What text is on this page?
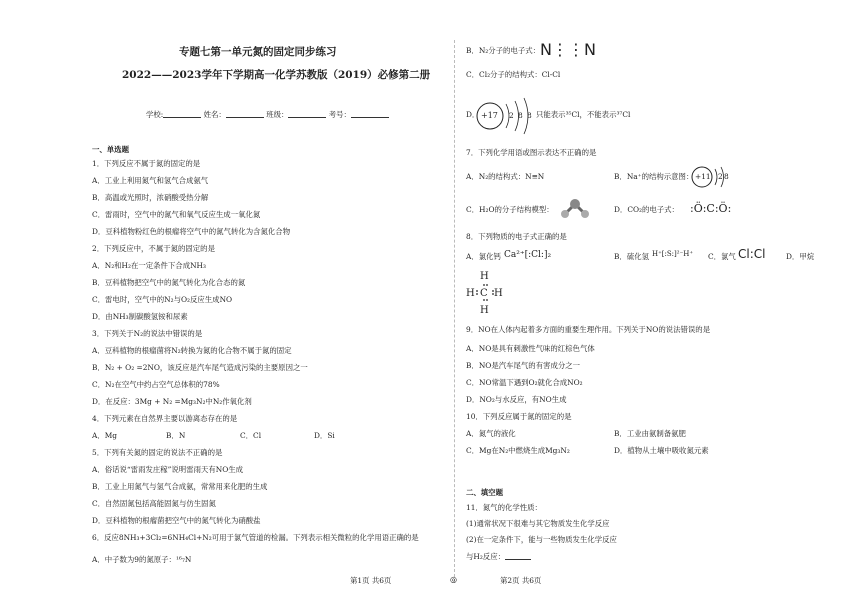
专题七第一单元氮的固定同步练习
2022——2023学年下学期高一化学苏教版（2019）必修第二册
学校:	姓名：	班级：	考号：
一、单选题
1．下列反应不属于氮的固定的是
A．工业上利用氮气和氢气合成氨气
B．高温或光照时，浓硝酸受热分解
C．雷雨时，空气中的氮气和氧气反应生成一氧化氮
D．豆科植物粉红色的根瘤将空气中的氮气转化为含氮化合物
2．下列反应中，不属于氮的固定的是
A．N₂和H₂在一定条件下合成NH₃
B．豆科植物把空气中的氮气转化为化合态的氮
C．雷电时，空气中的N₂与O₂反应生成NO
D．由NH₃制碳酸氢铵和尿素
3．下列关于N₂的说法中错误的是
A．豆科植物的根瘤菌将N₂转换为氮的化合物不属于氮的固定
B．N₂ + O₂ =2NO，该反应是汽车尾气造成污染的主要原因之一
C．N₂在空气中约占空气总体积的78%
D．在反应：3Mg + N₂ =Mg₃N₂中N₂作氧化剂
4．下列元素在自然界主要以游离态存在的是
A．Mg	B．N	C．Cl	D．Si
5．下列有关氮的固定的说法不正确的是
A．俗话说“雷雨发庄稼”说明雷雨天有NO生成
B．工业上用氮气与氢气合成氨，常常用来化肥的生成
C．自然固氮包括高能固氮与仿生固氮
D．豆科植物的根瘤菌把空气中的氮气转化为硝酸盐
6．反应8NH₃+3Cl₂=6NH₄Cl+N₂可用于氯气管道的检漏。下列表示相关微粒的化学用语正确的是
A．中子数为9的氮原子：¹⁶₇N
B．N₂分子的电子式： N⋮⋮N
C．Cl₂分子的结构式：Cl-Cl
D． +17 2 8 8 只能表示³⁵Cl，不能表示³⁷Cl
7．下列化学用语或图示表达不正确的是
A．N₂的结构式：N≡N	B．Na⁺的结构示意图： +11 2 8
C．H₂O的分子结构模型：	D．CO₂的电子式： :Ö:C:Ö:
8．下列物质的电子式正确的是
A．氯化钙 Ca²⁺[:Cl:]₂	B．硫化氢 H⁺[:S:]²⁻H⁺ C．氯气 Cl:Cl	D．甲烷
H
H C H
H
9．NO在人体内起着多方面的重要生理作用。下列关于NO的说法错误的是
A．NO是具有刺激性气味的红棕色气体
B．NO是汽车尾气的有害成分之一
C．NO常温下遇到O₂就化合成NO₂
D．NO₂与水反应，有NO生成
10．下列反应属于氮的固定的是
A．氮气的液化	B．工业由氨制备氨肥
C．Mg在N₂中燃烧生成Mg₃N₂	D．植物从土壤中吸收氮元素
二、填空题
11．氮气的化学性质：
(1)通常状况下很难与其它物质发生化学反应
(2)在一定条件下，能与一些物质发生化学反应
与H₂反应：
第1页 共6页	◎	第2页 共6页
